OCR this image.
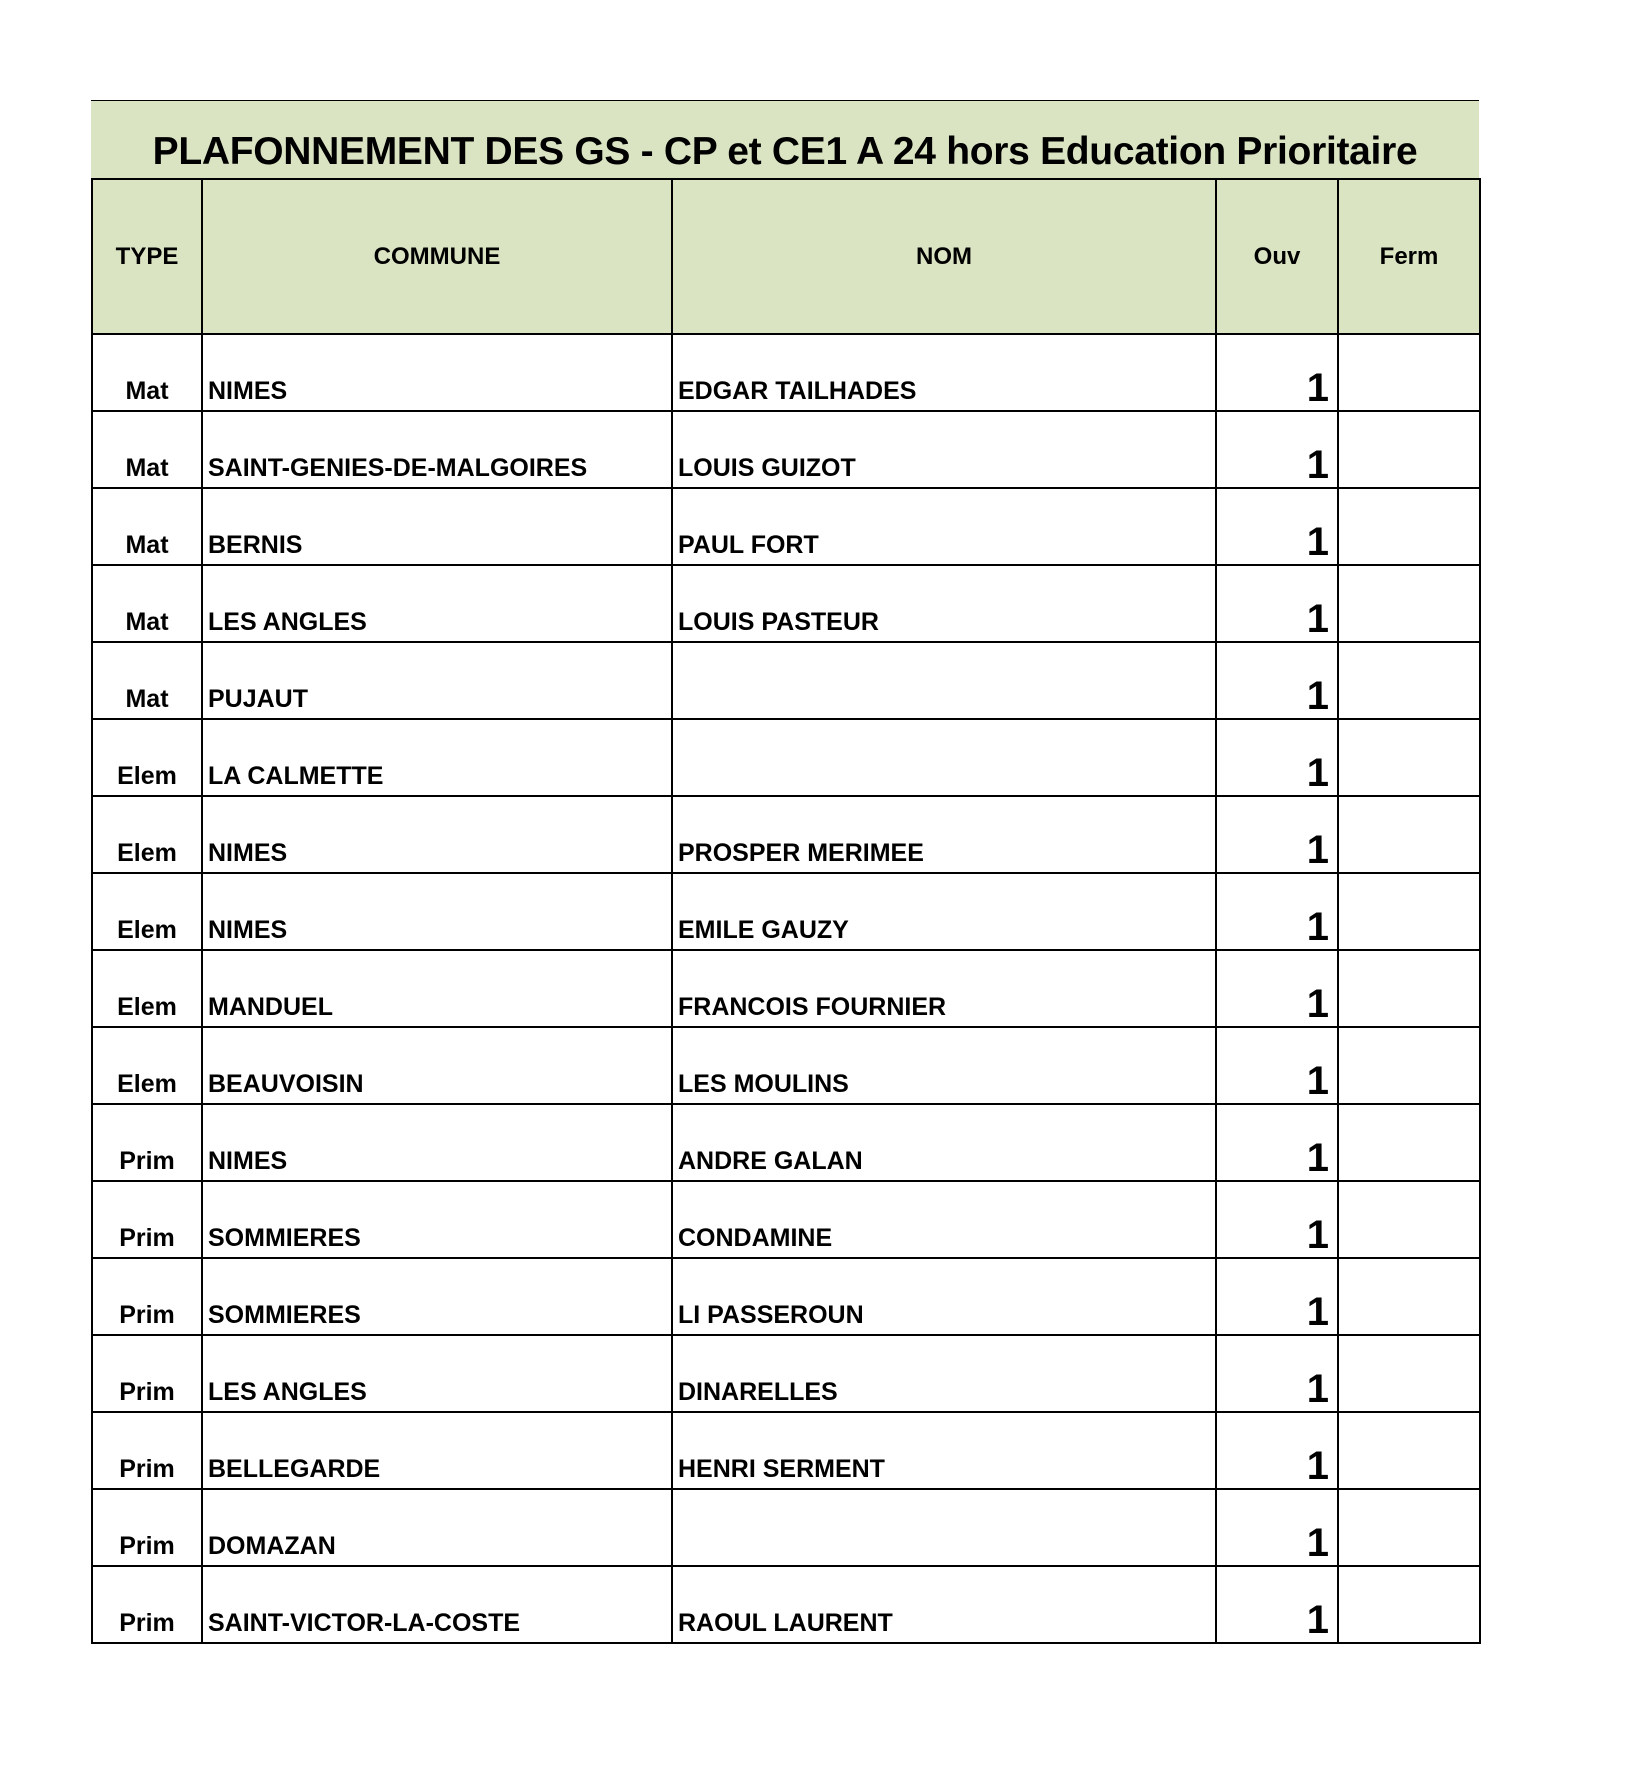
PLAFONNEMENT DES GS - CP et CE1 A 24 hors Education Prioritaire
TYPE	COMMUNE	NOM	Ouv	Ferm
Mat	NIMES	EDGAR TAILHADES	1	
Mat	SAINT-GENIES-DE-MALGOIRES	LOUIS GUIZOT	1	
Mat	BERNIS	PAUL FORT	1	
Mat	LES ANGLES	LOUIS PASTEUR	1	
Mat	PUJAUT		1	
Elem	LA CALMETTE		1	
Elem	NIMES	PROSPER MERIMEE	1	
Elem	NIMES	EMILE GAUZY	1	
Elem	MANDUEL	FRANCOIS FOURNIER	1	
Elem	BEAUVOISIN	LES MOULINS	1	
Prim	NIMES	ANDRE GALAN	1	
Prim	SOMMIERES	CONDAMINE	1	
Prim	SOMMIERES	LI PASSEROUN	1	
Prim	LES ANGLES	DINARELLES	1	
Prim	BELLEGARDE	HENRI SERMENT	1	
Prim	DOMAZAN		1	
Prim	SAINT-VICTOR-LA-COSTE	RAOUL LAURENT	1	
